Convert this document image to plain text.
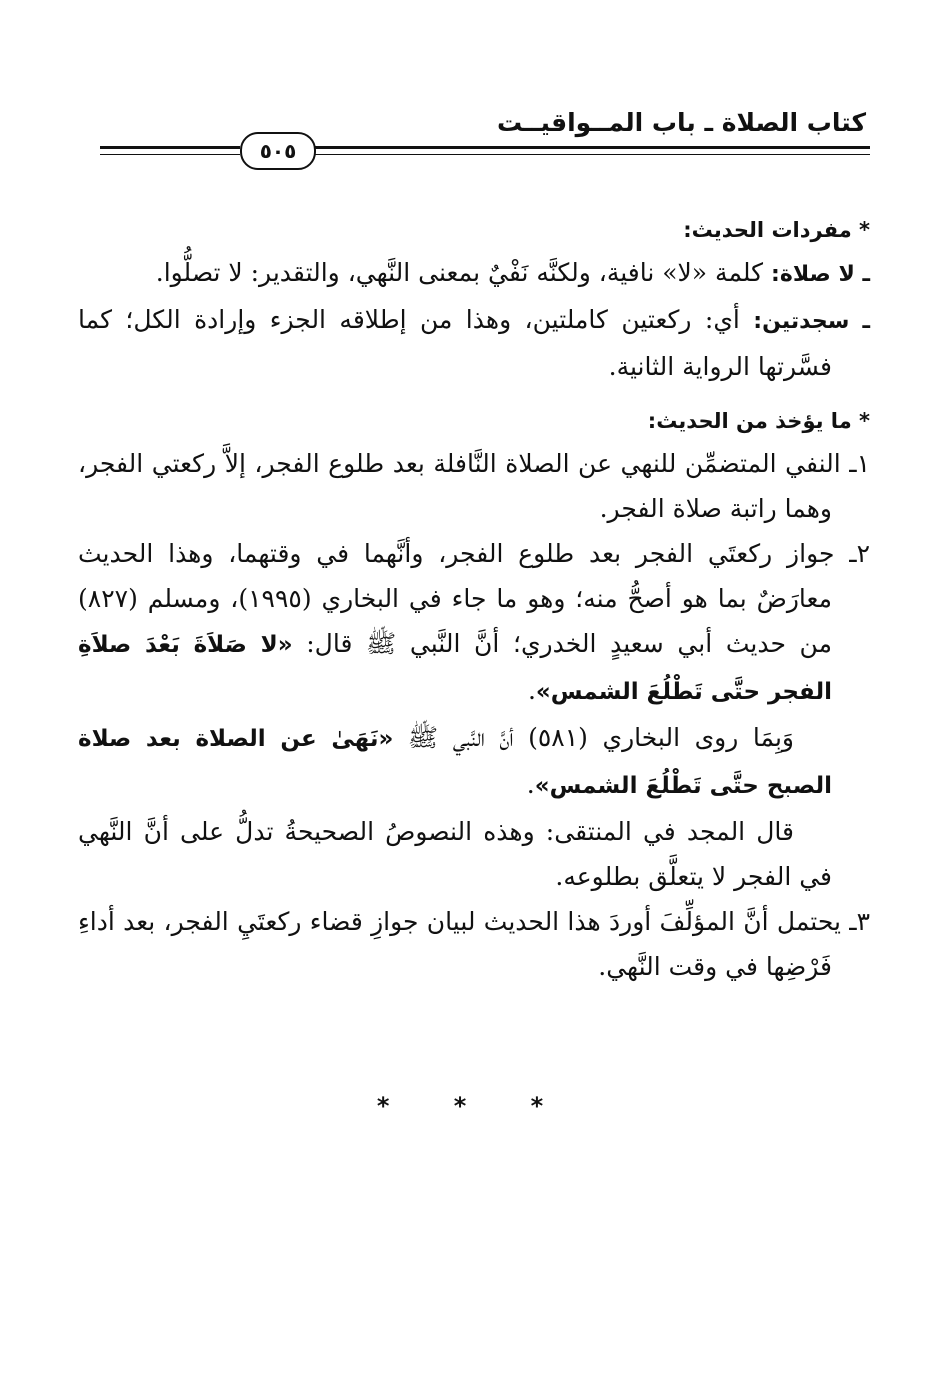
كتاب الصلاة ـ باب المــواقيــت
٥٠٥
* مفردات الحديث:

ـ لا صلاة: كلمة «لا» نافية، ولكنَّه نَفْيٌ بمعنى النَّهي، والتقدير: لا تصلُّوا.

ـ سجدتين: أي: ركعتين كاملتين، وهذا من إطلاقه الجزء وإرادة الكل؛ كما فسَّرتها الرواية الثانية.

* ما يؤخذ من الحديث:

١ـ النفي المتضمِّن للنهي عن الصلاة النَّافلة بعد طلوع الفجر، إلاَّ ركعتي الفجر، وهما راتبة صلاة الفجر.

٢ـ جواز ركعتَي الفجر بعد طلوع الفجر، وأنَّهما في وقتهما، وهذا الحديث معارَضٌ بما هو أصحُّ منه؛ وهو ما جاء في البخاري (١٩٩٥)، ومسلم (٨٢٧) من حديث أبي سعيدٍ الخدري؛ أنَّ النَّبي ﷺ قال: «لا صَلاَةَ بَعْدَ صلاَةِ الفجر حتَّى تَطْلُعَ الشمس».

وَبِمَا روى البخاري (٥٨١) أنَّ النَّبي ﷺ «نَهَىٰ عن الصلاة بعد صلاة الصبح حتَّى تَطْلُعَ الشمس».

قال المجد في المنتقى: وهذه النصوصُ الصحيحةُ تدلُّ على أنَّ النَّهي في الفجر لا يتعلَّق بطلوعه.

٣ـ يحتمل أنَّ المؤلِّفَ أوردَ هذا الحديث لبيان جوازِ قضاء ركعتَيِ الفجر، بعد أداءِ فَرْضِها في وقت النَّهي.

* * *
